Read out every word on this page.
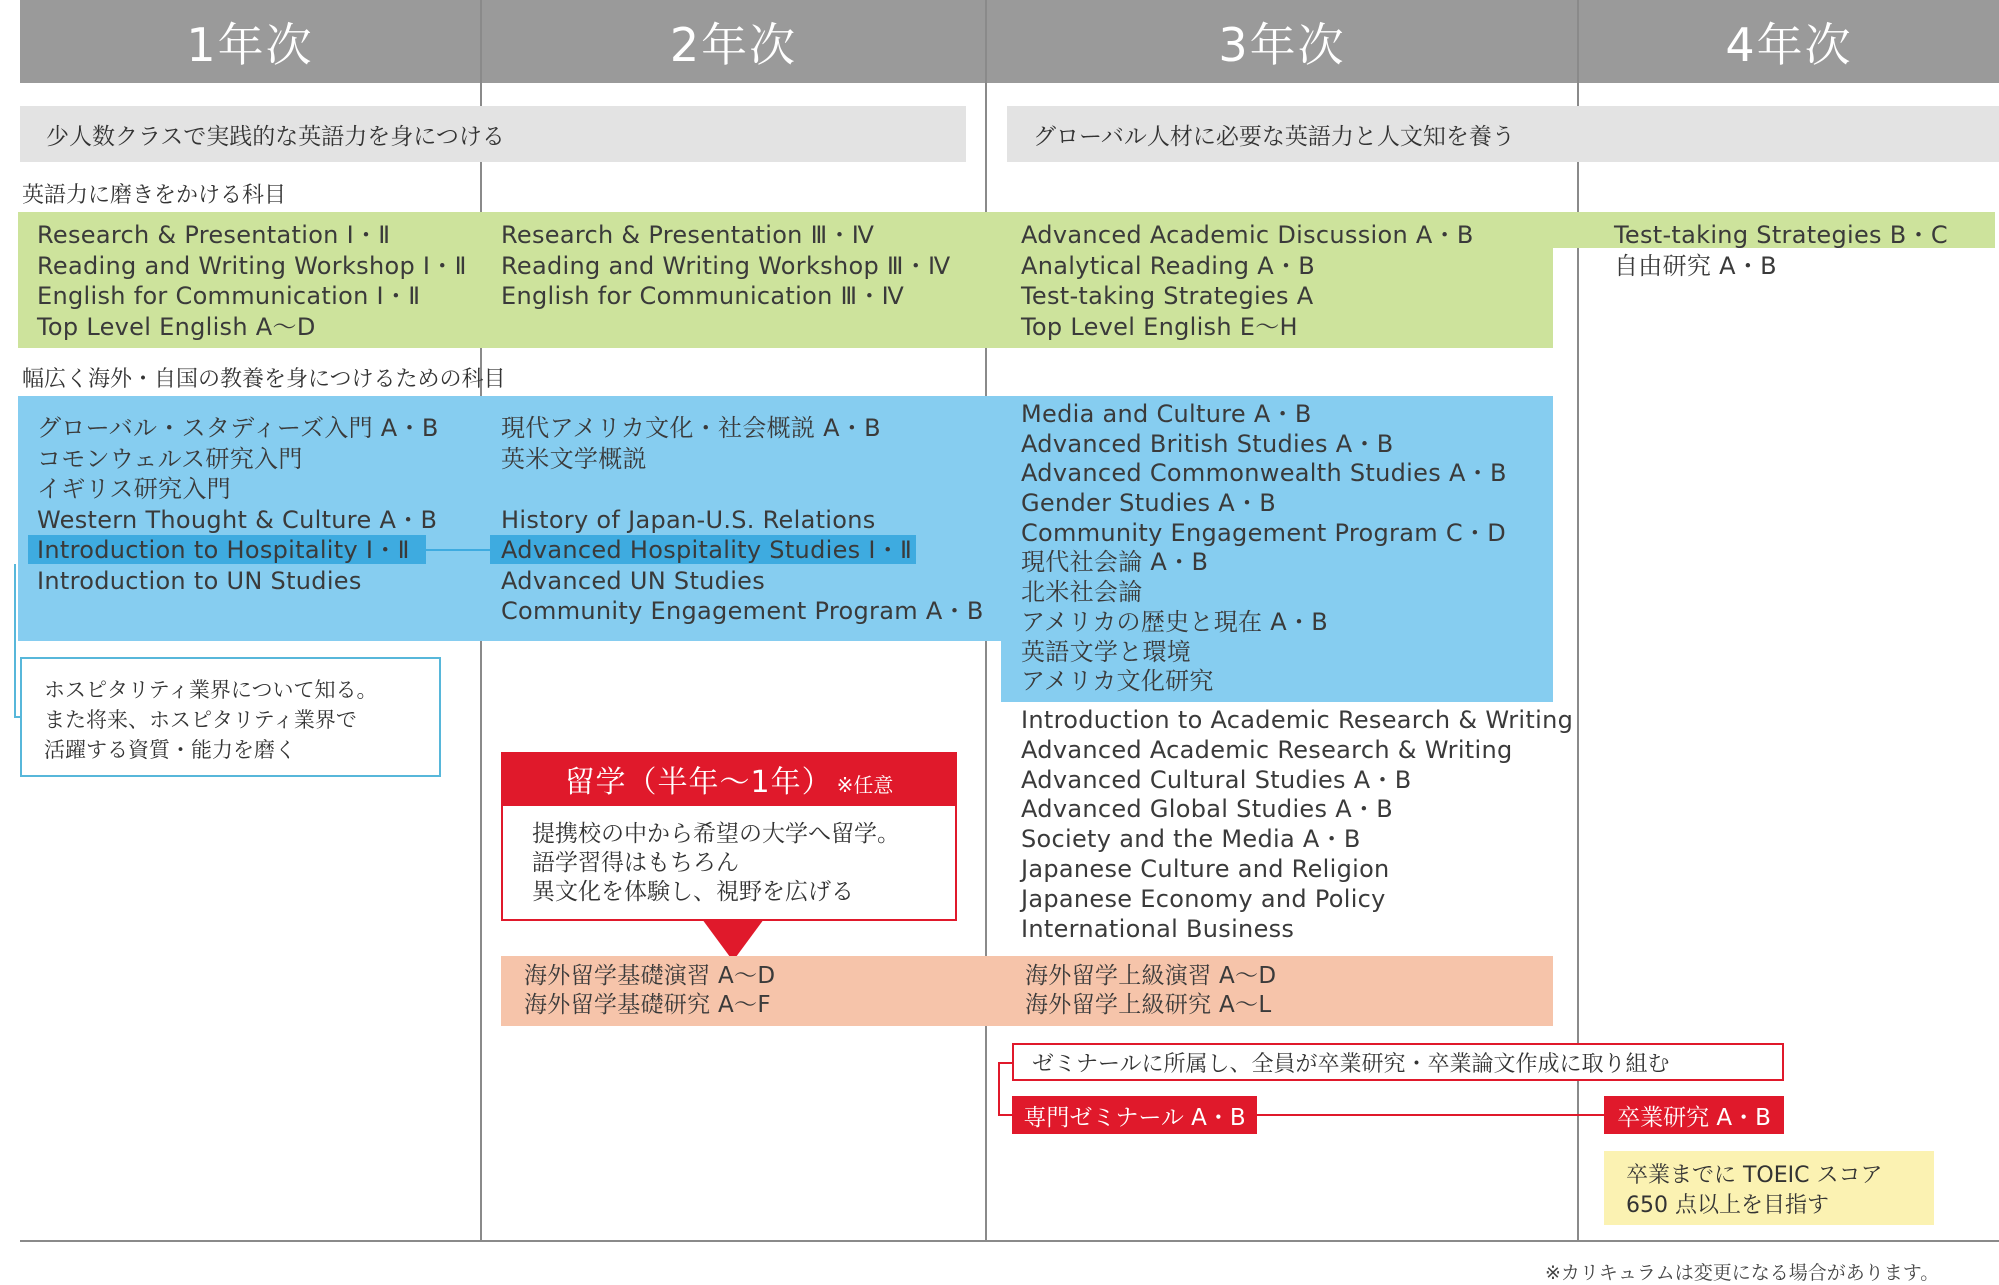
1年次	2年次	3年次	4年次
少人数クラスで実践的な英語力を身につける	グローバル人材に必要な英語力と人文知を養う
英語力に磨きをかける科目
Research & Presentation Ⅰ・Ⅱ
Reading and Writing Workshop Ⅰ・Ⅱ
English for Communication Ⅰ・Ⅱ
Top Level English A〜D
Research & Presentation Ⅲ・Ⅳ
Reading and Writing Workshop Ⅲ・Ⅳ
English for Communication Ⅲ・Ⅳ
Advanced Academic Discussion A・B
Analytical Reading A・B
Test-taking Strategies A
Top Level English E〜H
Test-taking Strategies B・C
自由研究 A・B
幅広く海外・自国の教養を身につけるための科目
グローバル・スタディーズ入門 A・B
コモンウェルス研究入門
イギリス研究入門
Western Thought & Culture A・B
Introduction to Hospitality Ⅰ・Ⅱ
Introduction to UN Studies
現代アメリカ文化・社会概説 A・B
英米文学概説
History of Japan-U.S. Relations
Advanced Hospitality Studies Ⅰ・Ⅱ
Advanced UN Studies
Community Engagement Program A・B
Media and Culture A・B
Advanced British Studies A・B
Advanced Commonwealth Studies A・B
Gender Studies A・B
Community Engagement Program C・D
現代社会論 A・B
北米社会論
アメリカの歴史と現在 A・B
英語文学と環境
アメリカ文化研究
Introduction to Academic Research & Writing
Advanced Academic Research & Writing
Advanced Cultural Studies A・B
Advanced Global Studies A・B
Society and the Media A・B
Japanese Culture and Religion
Japanese Economy and Policy
International Business
ホスピタリティ業界について知る。
また将来、ホスピタリティ業界で
活躍する資質・能力を磨く
留学（半年〜1年） ※任意
提携校の中から希望の大学へ留学。
語学習得はもちろん
異文化を体験し、視野を広げる
海外留学基礎演習 A〜D
海外留学基礎研究 A〜F
海外留学上級演習 A〜D
海外留学上級研究 A〜L
ゼミナールに所属し、全員が卒業研究・卒業論文作成に取り組む
専門ゼミナール A・B	卒業研究 A・B
卒業までに TOEIC スコア
650 点以上を目指す
※カリキュラムは変更になる場合があります。
